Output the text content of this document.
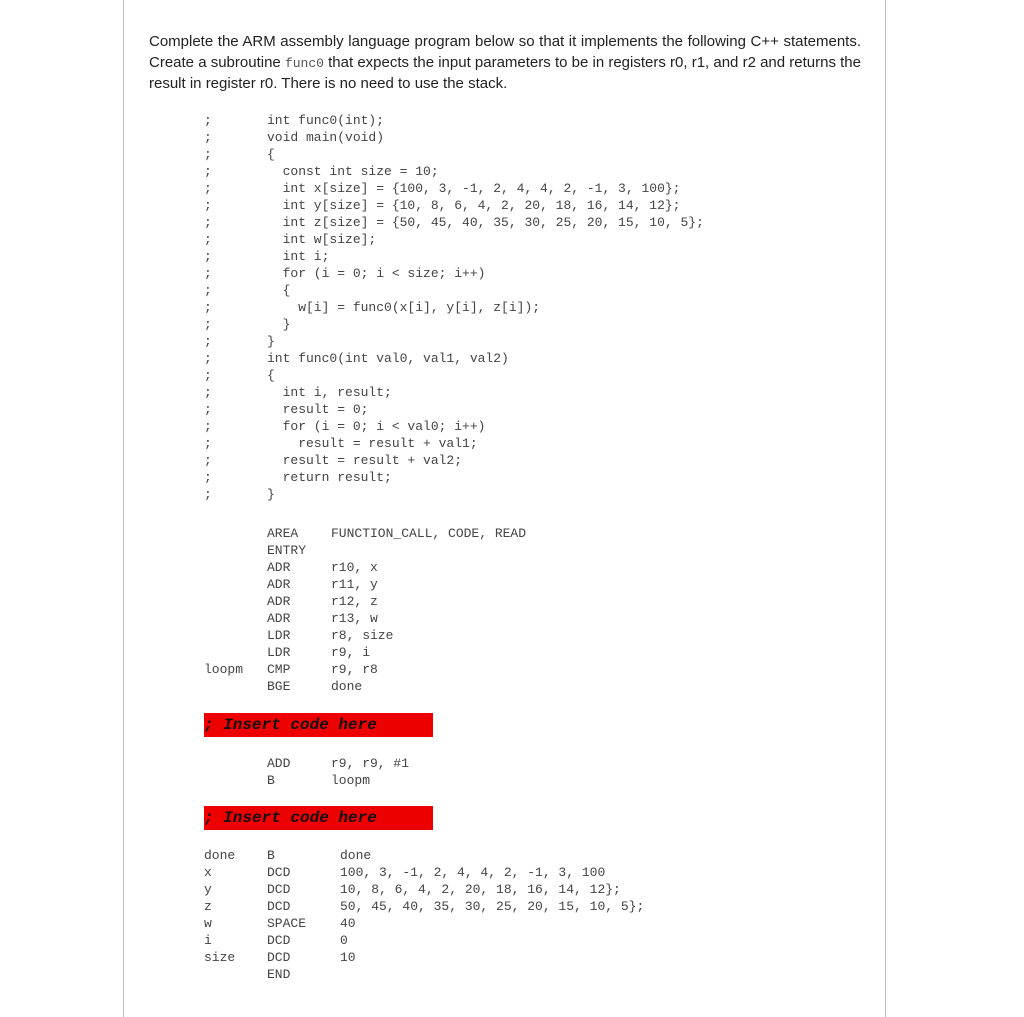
Complete the ARM assembly language program below so that it implements the following C++ statements. Create a subroutine func0 that expects the input parameters to be in registers r0, r1, and r2 and returns the result in register r0. There is no need to use the stack.

;	int func0(int);
;	void main(void)
;	{
;	const int size = 10;
;	int x[size] = {100, 3, -1, 2, 4, 4, 2, -1, 3, 100};
;	int y[size] = {10, 8, 6, 4, 2, 20, 18, 16, 14, 12};
;	int z[size] = {50, 45, 40, 35, 30, 25, 20, 15, 10, 5};
;	int w[size];
;	int i;
;	for (i = 0; i < size; i++)
;	{
;	w[i] = func0(x[i], y[i], z[i]);
;	}
;	}
;	int func0(int val0, val1, val2)
;	{
;	int i, result;
;	result = 0;
;	for (i = 0; i < val0; i++)
;	result = result + val1;
;	result = result + val2;
;	return result;
;	}
AREA	FUNCTION_CALL, CODE, READ
ENTRY
ADR	r10, x
ADR	r11, y
ADR	r12, z
ADR	r13, w
LDR	r8, size
LDR	r9, i
loopm CMP	r9, r8
BGE	done
; Insert code here
ADD	r9, r9, #1
B	loopm
; Insert code here
done B	done
x	DCD	100, 3, -1, 2, 4, 4, 2, -1, 3, 100
y	DCD	10, 8, 6, 4, 2, 20, 18, 16, 14, 12};
z	DCD	50, 45, 40, 35, 30, 25, 20, 15, 10, 5};
w	SPACE	40
i	DCD	0
size DCD	10
END
